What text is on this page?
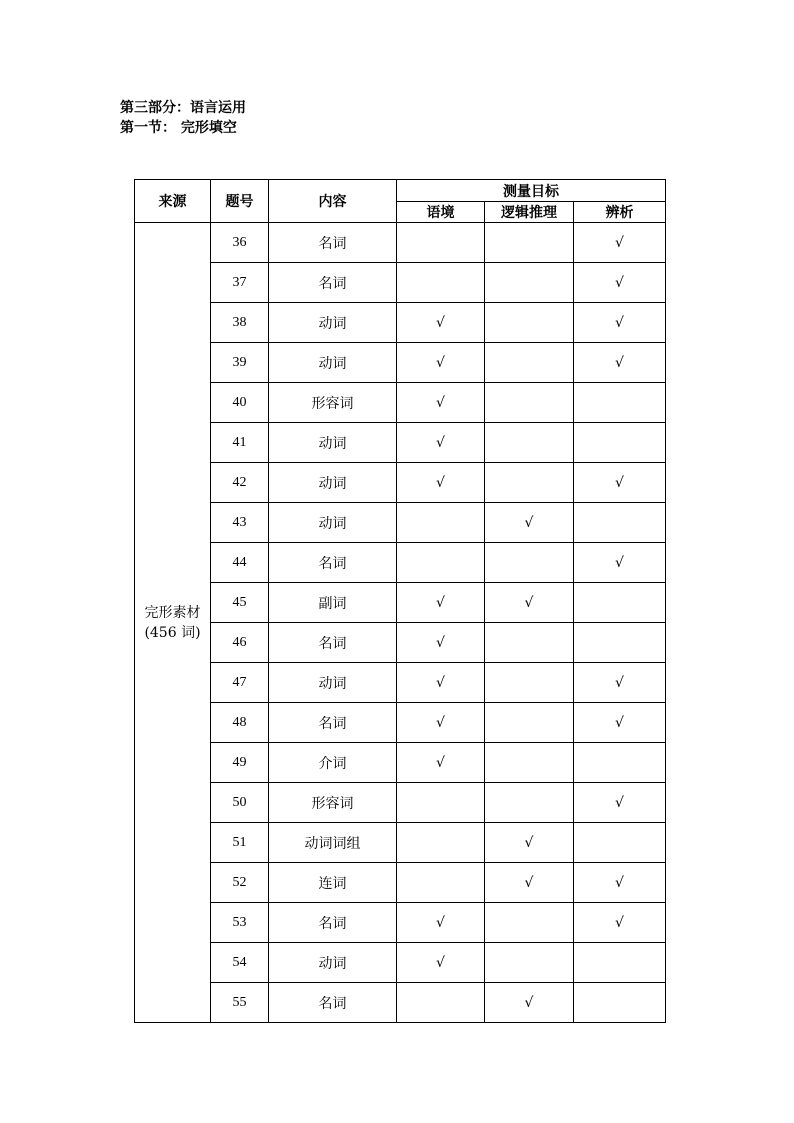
第三部分：语言运用

第一节： 完形填空

来源	题号	内容	测量目标		
			语境	逻辑推理	辨析

完形素材
(456 词)	36	名词			√
	37	名词			√
	38	动词	√		√
	39	动词	√		√
	40	形容词	√		
	41	动词	√		
	42	动词	√		√
	43	动词		√	
	44	名词			√
	45	副词	√	√	
	46	名词	√		
	47	动词	√		√
	48	名词	√		√
	49	介词	√		
	50	形容词			√
	51	动词词组		√	
	52	连词		√	√
	53	名词	√		√
	54	动词	√		
	55	名词		√	
